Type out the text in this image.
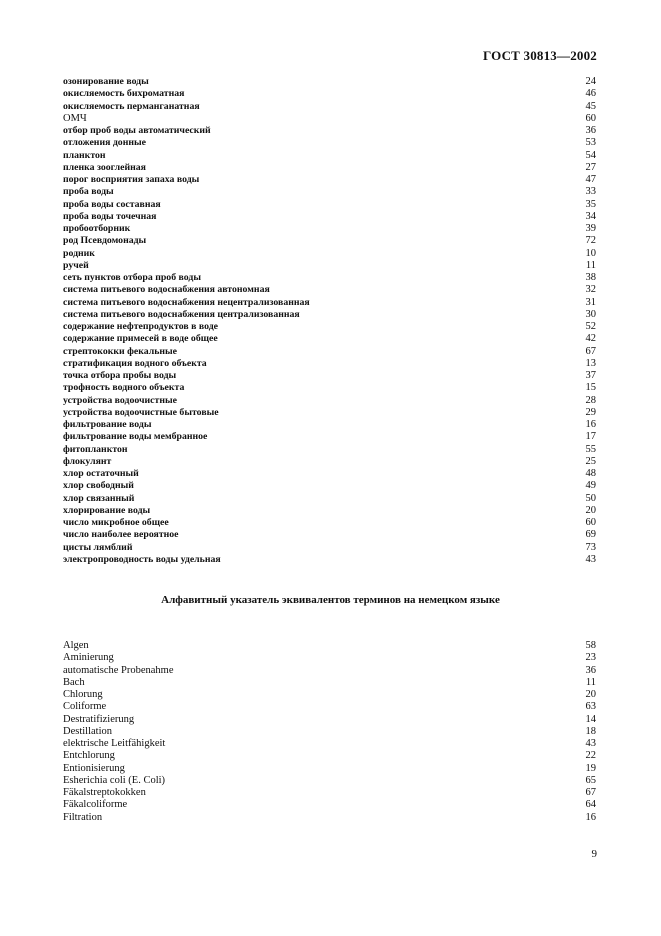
ГОСТ 30813—2002
озонирование воды	24
окисляемость бихроматная	46
окисляемость перманганатная	45
ОМЧ	60
отбор проб воды автоматический	36
отложения донные	53
планктон	54
пленка зооглейная	27
порог восприятия запаха воды	47
проба воды	33
проба воды составная	35
проба воды точечная	34
пробоотборник	39
род Псевдомонады	72
родник	10
ручей	11
сеть пунктов отбора проб воды	38
система питьевого водоснабжения автономная	32
система питьевого водоснабжения нецентрализованная	31
система питьевого водоснабжения централизованная	30
содержание нефтепродуктов в воде	52
содержание примесей в воде общее	42
стрептококки фекальные	67
стратификация водного объекта	13
точка отбора пробы воды	37
трофность водного объекта	15
устройства водоочистные	28
устройства водоочистные бытовые	29
фильтрование воды	16
фильтрование воды мембранное	17
фитопланктон	55
флокулянт	25
хлор остаточный	48
хлор свободный	49
хлор связанный	50
хлорирование воды	20
число микробное общее	60
число наиболее вероятное	69
цисты лямблий	73
электропроводность воды удельная	43
Алфавитный указатель эквивалентов терминов на немецком языке
Algen	58
Aminierung	23
automatische Probenahme	36
Bach	11
Chlorung	20
Coliforme	63
Destratifizierung	14
Destillation	18
elektrische Leitfähigkeit	43
Entchlorung	22
Entionisierung	19
Esherichia coli (E. Coli)	65
Fäkalstreptokokken	67
Fäkalcoliforme	64
Filtration	16
9
